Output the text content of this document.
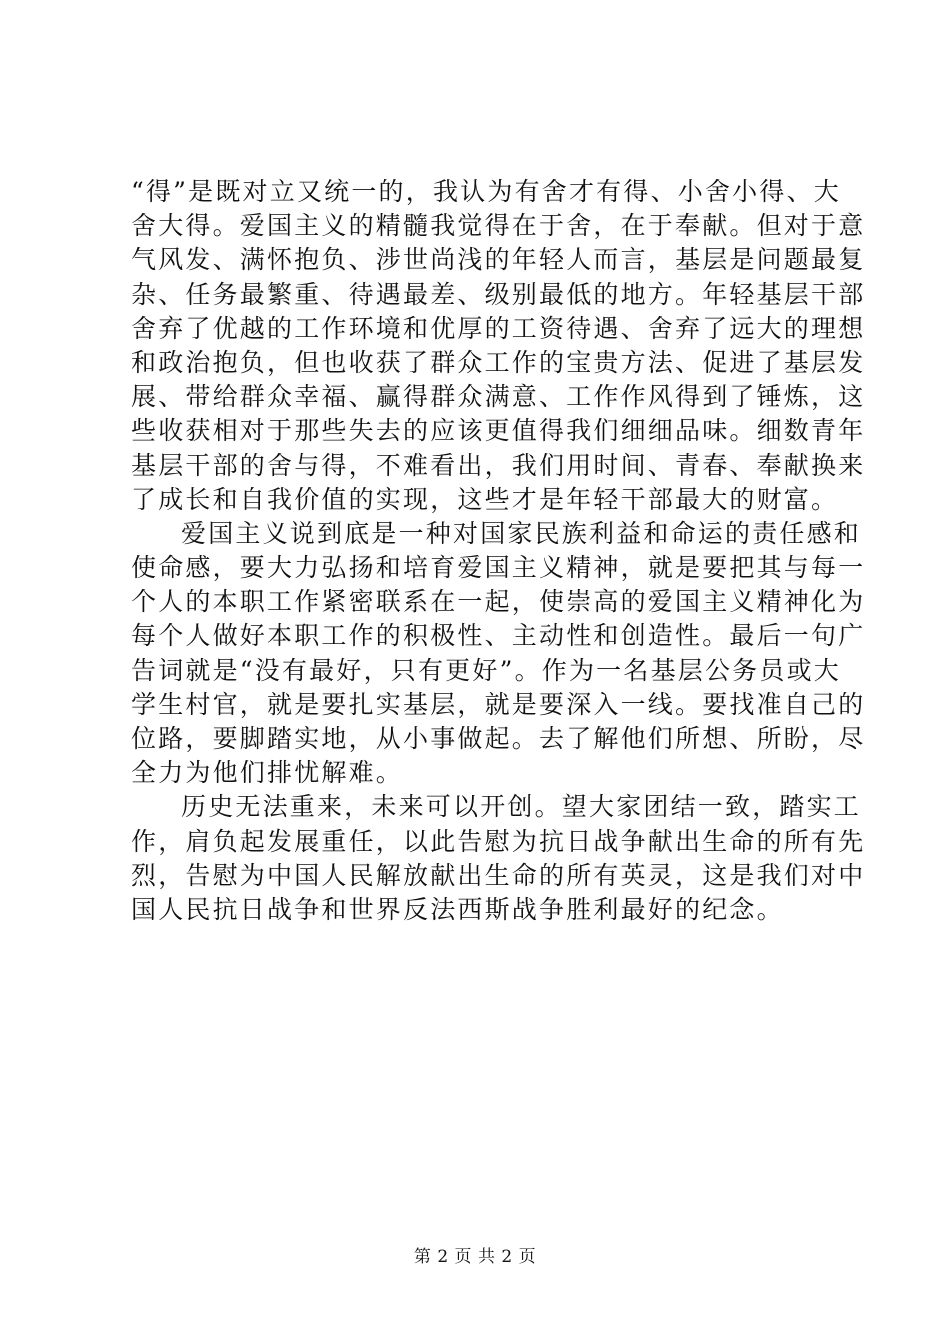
“得”是既对立又统一的，我认为有舍才有得、小舍小得、大
舍大得。爱国主义的精髓我觉得在于舍，在于奉献。但对于意
气风发、满怀抱负、涉世尚浅的年轻人而言，基层是问题最复
杂、任务最繁重、待遇最差、级别最低的地方。年轻基层干部
舍弃了优越的工作环境和优厚的工资待遇、舍弃了远大的理想
和政治抱负，但也收获了群众工作的宝贵方法、促进了基层发
展、带给群众幸福、赢得群众满意、工作作风得到了锤炼，这
些收获相对于那些失去的应该更值得我们细细品味。细数青年
基层干部的舍与得，不难看出，我们用时间、青春、奉献换来
了成长和自我价值的实现，这些才是年轻干部最大的财富。
爱国主义说到底是一种对国家民族利益和命运的责任感和
使命感，要大力弘扬和培育爱国主义精神，就是要把其与每一
个人的本职工作紧密联系在一起，使崇高的爱国主义精神化为
每个人做好本职工作的积极性、主动性和创造性。最后一句广
告词就是“没有最好，只有更好”。作为一名基层公务员或大
学生村官，就是要扎实基层，就是要深入一线。要找准自己的
位路，要脚踏实地，从小事做起。去了解他们所想、所盼，尽
全力为他们排忧解难。
历史无法重来，未来可以开创。望大家团结一致，踏实工
作，肩负起发展重任，以此告慰为抗日战争献出生命的所有先
烈，告慰为中国人民解放献出生命的所有英灵，这是我们对中
国人民抗日战争和世界反法西斯战争胜利最好的纪念。
第 2 页 共 2 页
